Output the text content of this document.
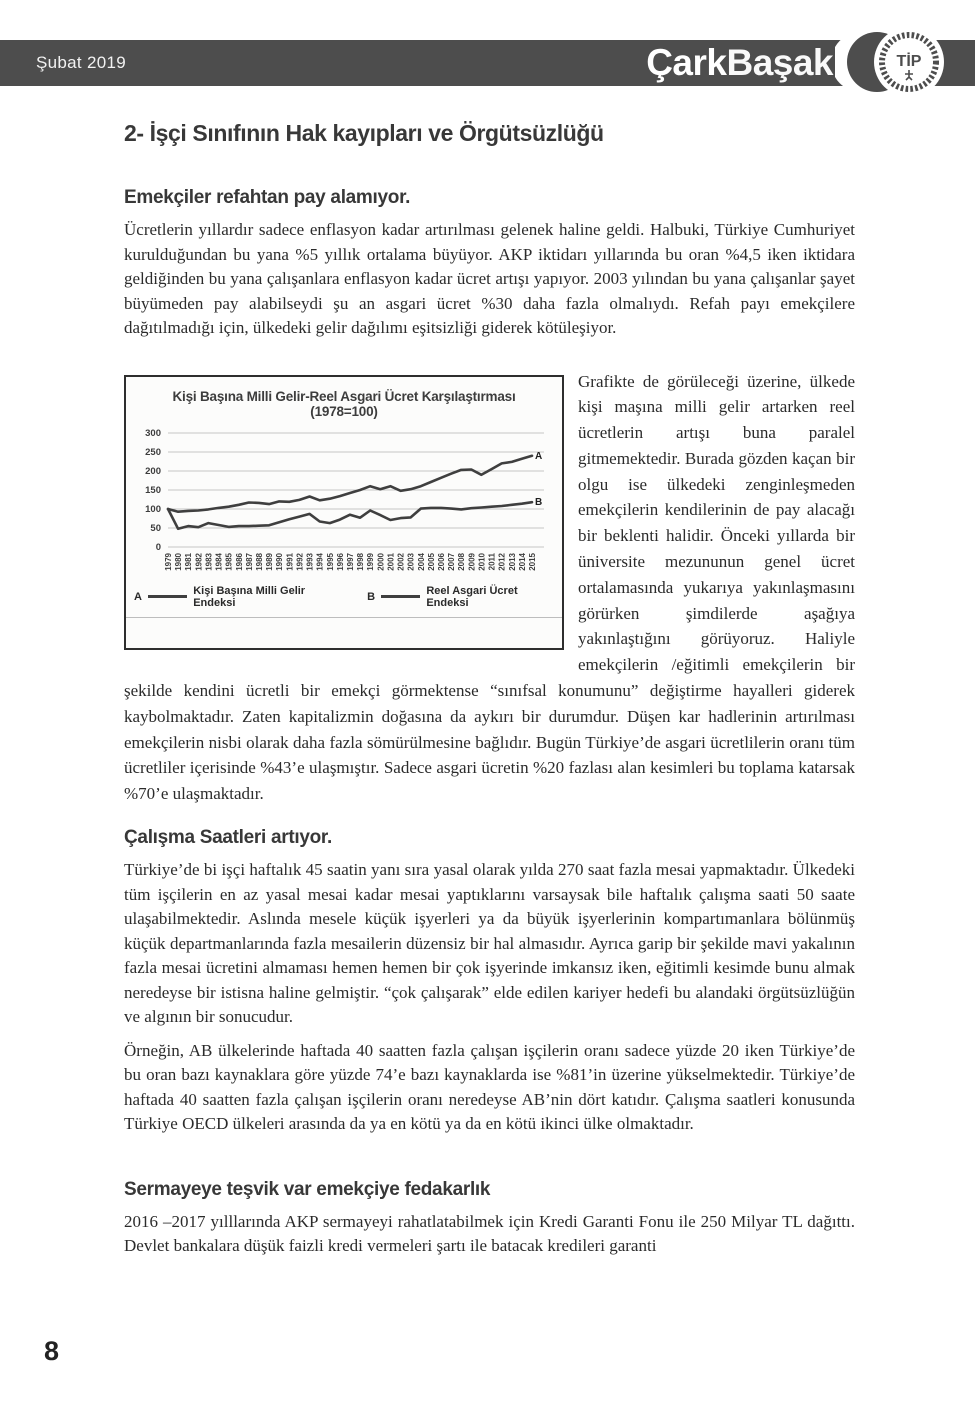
Şubat 2019	ÇarkBaşak	TİP
2- İşçi Sınıfının Hak kayıpları ve Örgütsüzlüğü
Emekçiler refahtan pay alamıyor.

Ücretlerin yıllardır sadece enflasyon kadar artırılması gelenek haline geldi. Halbuki, Türkiye Cumhuriyet kurulduğundan bu yana %5 yıllık ortalama büyüyor. AKP iktidarı yıllarında bu oran %4,5 iken iktidara geldiğinden bu yana çalışanlara enflasyon kadar ücret artışı yapıyor. 2003 yılından bu yana çalışanlar şayet büyümeden pay alabilseydi şu an asgari ücret %30 daha fazla olmalıydı. Refah payı emekçilere dağıtılmadığı için, ülkedeki gelir dağılımı eşitsizliği giderek kötüleşiyor.

Kişi Başına Milli Gelir-Reel Asgari Ücret Karşılaştırması
(1978=100)
0
50
100
150
200
250
300
A
B
1979 1980 1981 1982 1983 1984 1985 1986 1987 1988 1989 1990 1991 1992 1993 1994 1995 1996 1997 1998 1999 2000 2001 2002 2003 2004 2005 2006 2007 2008 2009 2010 2011 2012 2013 2014 2015
A	Kişi Başına Milli Gelir Endeksi	B	Reel Asgari Ücret Endeksi

Grafikte de görüleceği üzerine, ülkede kişi maşına milli gelir artarken reel ücretlerin artışı buna paralel gitmemektedir. Burada gözden kaçan bir olgu ise ülkedeki zenginleşmeden emekçilerin kendilerinin de pay alacağı bir beklenti halidir. Önceki yıllarda bir üniversite mezununun genel ücret ortalamasında yukarıya yakınlaşmasını görürken şimdilerde aşağıya yakınlaştığını görüyoruz. Haliyle emekçilerin /eğitimli emekçilerin bir şekilde kendini ücretli bir emekçi görmektense “sınıfsal konumunu” değiştirme hayalleri giderek kaybolmaktadır. Zaten kapitalizmin doğasına da aykırı bir durumdur. Düşen kar hadlerinin artırılması emekçilerin nisbi olarak daha fazla sömürülmesine bağlıdır. Bugün Türkiye’de asgari ücretlilerin oranı tüm ücretliler içerisinde %43’e ulaşmıştır. Sadece asgari ücretin %20 fazlası alan kesimleri bu toplama katarsak %70’e ulaşmaktadır.

Çalışma Saatleri artıyor.

Türkiye’de bi işçi haftalık 45 saatin yanı sıra yasal olarak yılda 270 saat fazla mesai yapmaktadır. Ülkedeki tüm işçilerin en az yasal mesai kadar mesai yaptıklarını varsaysak bile haftalık çalışma saati 50 saate ulaşabilmektedir. Aslında mesele küçük işyerleri ya da büyük işyerlerinin kompartımanlara bölünmüş küçük departmanlarında fazla mesailerin düzensiz bir hal almasıdır. Ayrıca garip bir şekilde mavi yakalının fazla mesai ücretini almaması hemen hemen bir çok işyerinde imkansız iken, eğitimli kesimde bunu almak neredeyse bir istisna haline gelmiştir. “çok çalışarak” elde edilen kariyer hedefi bu alandaki örgütsüzlüğün ve algının bir sonucudur.

Örneğin, AB ülkelerinde haftada 40 saatten fazla çalışan işçilerin oranı sadece yüzde 20 iken Türkiye’de bu oran bazı kaynaklara göre yüzde 74’e bazı kaynaklarda ise %81’in üzerine yükselmektedir. Türkiye’de haftada 40 saatten fazla çalışan işçilerin oranı neredeyse AB’nin dört katıdır. Çalışma saatleri konusunda Türkiye OECD ülkeleri arasında da ya en kötü ya da en kötü ikinci ülke olmaktadır.

Sermayeye teşvik var emekçiye fedakarlık

2016 –2017 yılllarında AKP sermayeyi rahatlatabilmek için Kredi Garanti Fonu ile 250 Milyar TL dağıttı. Devlet bankalara düşük faizli kredi vermeleri şartı ile batacak kredileri garanti

8
